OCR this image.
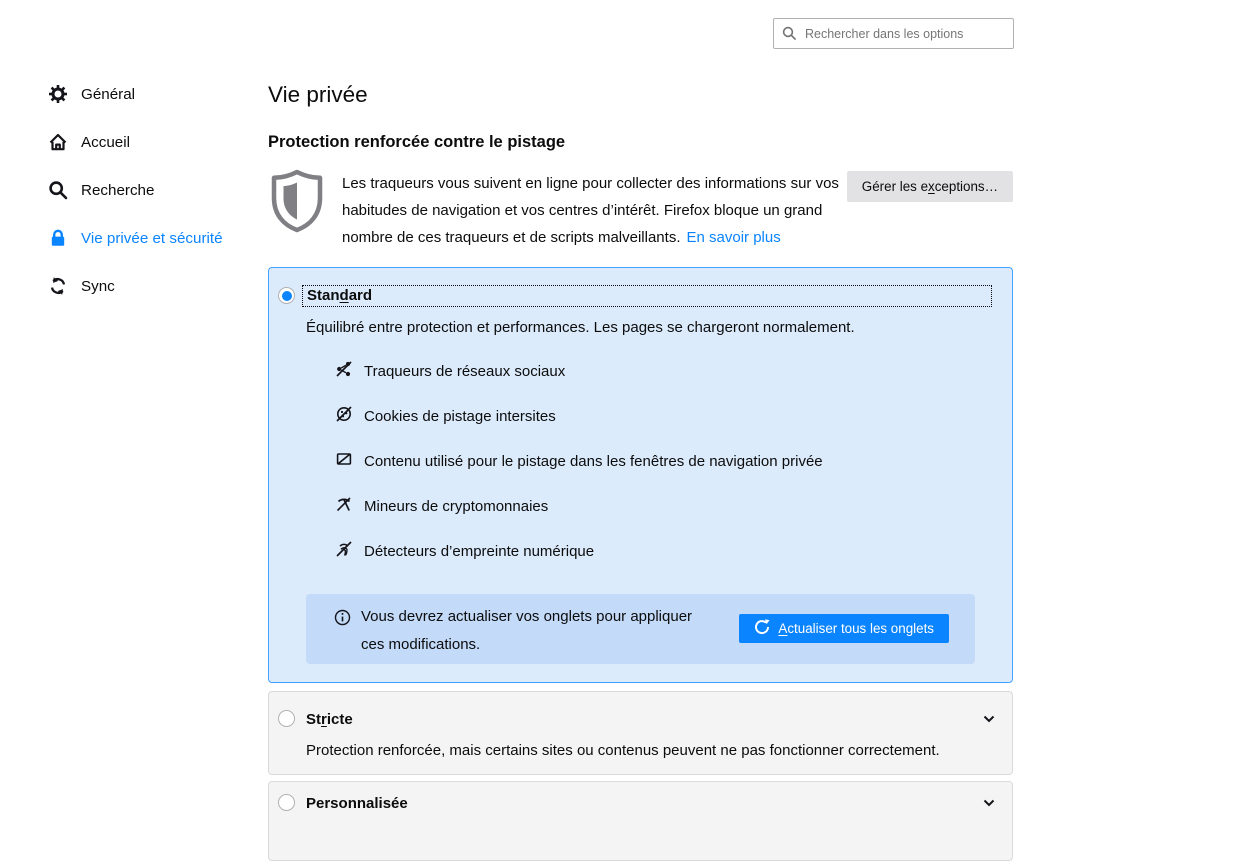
Rechercher dans les options
Général
Accueil
Recherche
Vie privée et sécurité
Sync
Vie privée
Protection renforcée contre le pistage

Les traqueurs vous suivent en ligne pour collecter des informations sur vos habitudes de navigation et vos centres d’intérêt. Firefox bloque un grand nombre de ces traqueurs et de scripts malveillants. En savoir plus

Gérer les exceptions…
Standard

Équilibré entre protection et performances. Les pages se chargeront normalement.

Traqueurs de réseaux sociaux
Cookies de pistage intersites
Contenu utilisé pour le pistage dans les fenêtres de navigation privée
Mineurs de cryptomonnaies
Détecteurs d’empreinte numérique

Vous devrez actualiser vos onglets pour appliquer ces modifications.

Actualiser tous les onglets
Stricte

Protection renforcée, mais certains sites ou contenus peuvent ne pas fonctionner correctement.

Personnalisée
